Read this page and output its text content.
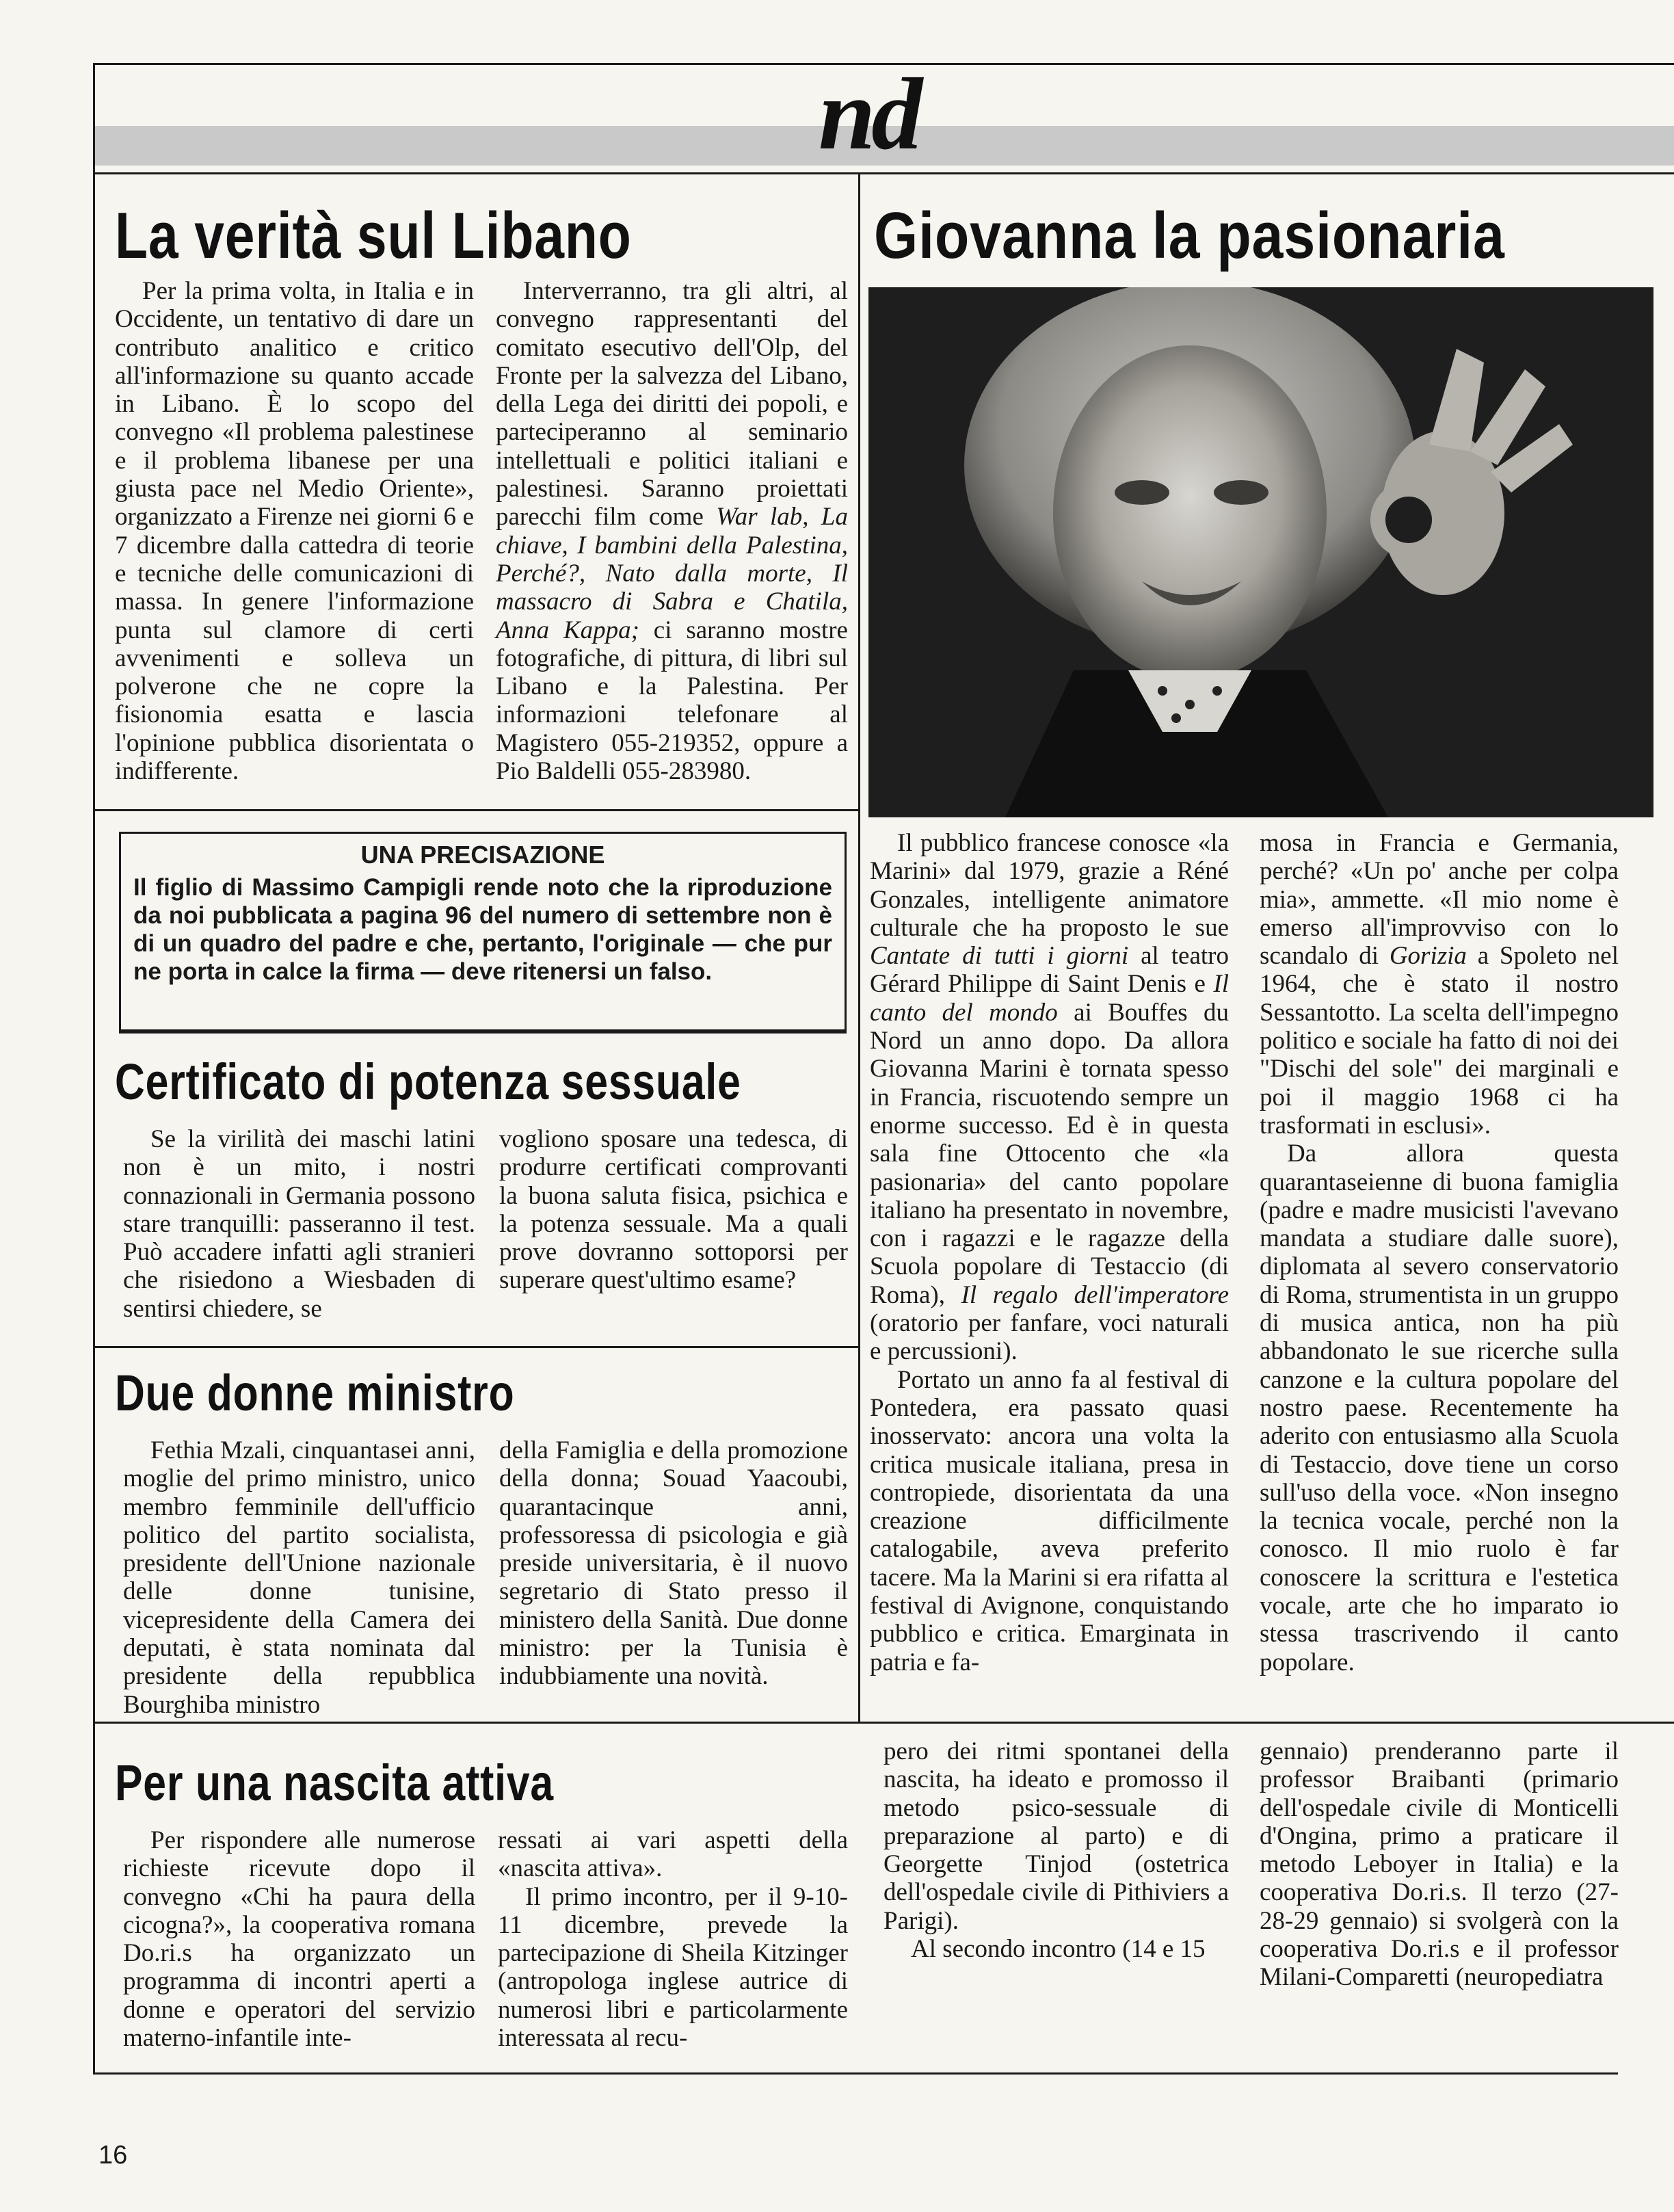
nd
La verità sul Libano

Per la prima volta, in Italia e in Occidente, un tentativo di dare un contributo analitico e critico all'informazione su quanto accade in Libano. È lo scopo del convegno «Il problema palestinese e il problema libanese per una giusta pace nel Medio Oriente», organizzato a Firenze nei giorni 6 e 7 dicembre dalla cattedra di teorie e tecniche delle comunicazioni di massa. In genere l'informazione punta sul clamore di certi avvenimenti e solleva un polverone che ne copre la fisionomia esatta e lascia l'opinione pubblica disorientata o indifferente.

Interverranno, tra gli altri, al convegno rappresentanti del comitato esecutivo dell'Olp, del Fronte per la salvezza del Libano, della Lega dei diritti dei popoli, e parteciperanno al seminario intellettuali e politici italiani e palestinesi. Saranno proiettati parecchi film come War lab, La chiave, I bambini della Palestina, Perché?, Nato dalla morte, Il massacro di Sabra e Chatila, Anna Kappa; ci saranno mostre fotografiche, di pittura, di libri sul Libano e la Palestina. Per informazioni telefonare al Magistero 055-219352, oppure a Pio Baldelli 055-283980.

UNA PRECISAZIONE

Il figlio di Massimo Campigli rende noto che la riproduzione da noi pubblicata a pagina 96 del numero di settembre non è di un quadro del padre e che, pertanto, l'originale — che pur ne porta in calce la firma — deve ritenersi un falso.

Certificato di potenza sessuale

Se la virilità dei maschi latini non è un mito, i nostri connazionali in Germania possono stare tranquilli: passeranno il test. Può accadere infatti agli stranieri che risiedono a Wiesbaden di sentirsi chiedere, se

vogliono sposare una tedesca, di produrre certificati comprovanti la buona saluta fisica, psichica e la potenza sessuale. Ma a quali prove dovranno sottoporsi per superare quest'ultimo esame?

Due donne ministro

Fethia Mzali, cinquantasei anni, moglie del primo ministro, unico membro femminile dell'ufficio politico del partito socialista, presidente dell'Unione nazionale delle donne tunisine, vicepresidente della Camera dei deputati, è stata nominata dal presidente della repubblica Bourghiba ministro

della Famiglia e della promozione della donna; Souad Yaacoubi, quarantacinque anni, professoressa di psicologia e già preside universitaria, è il nuovo segretario di Stato presso il ministero della Sanità. Due donne ministro: per la Tunisia è indubbiamente una novità.

Giovanna la pasionaria

Il pubblico francese conosce «la Marini» dal 1979, grazie a Réné Gonzales, intelligente animatore culturale che ha proposto le sue Cantate di tutti i giorni al teatro Gérard Philippe di Saint Denis e Il canto del mondo ai Bouffes du Nord un anno dopo. Da allora Giovanna Marini è tornata spesso in Francia, riscuotendo sempre un enorme successo. Ed è in questa sala fine Ottocento che «la pasionaria» del canto popolare italiano ha presentato in novembre, con i ragazzi e le ragazze della Scuola popolare di Testaccio (di Roma), Il regalo dell'imperatore (oratorio per fanfare, voci naturali e percussioni).

Portato un anno fa al festival di Pontedera, era passato quasi inosservato: ancora una volta la critica musicale italiana, presa in contropiede, disorientata da una creazione difficilmente catalogabile, aveva preferito tacere. Ma la Marini si era rifatta al festival di Avignone, conquistando pubblico e critica. Emarginata in patria e fa-

mosa in Francia e Germania, perché? «Un po' anche per colpa mia», ammette. «Il mio nome è emerso all'improvviso con lo scandalo di Gorizia a Spoleto nel 1964, che è stato il nostro Sessantotto. La scelta dell'impegno politico e sociale ha fatto di noi dei "Dischi del sole" dei marginali e poi il maggio 1968 ci ha trasformati in esclusi».

Da allora questa quarantaseienne di buona famiglia (padre e madre musicisti l'avevano mandata a studiare dalle suore), diplomata al severo conservatorio di Roma, strumentista in un gruppo di musica antica, non ha più abbandonato le sue ricerche sulla canzone e la cultura popolare del nostro paese. Recentemente ha aderito con entusiasmo alla Scuola di Testaccio, dove tiene un corso sull'uso della voce. «Non insegno la tecnica vocale, perché non la conosco. Il mio ruolo è far conoscere la scrittura e l'estetica vocale, arte che ho imparato io stessa trascrivendo il canto popolare.

Per una nascita attiva

Per rispondere alle numerose richieste ricevute dopo il convegno «Chi ha paura della cicogna?», la cooperativa romana Do.ri.s ha organizzato un programma di incontri aperti a donne e operatori del servizio materno-infantile inte-

ressati ai vari aspetti della «nascita attiva».

Il primo incontro, per il 9-10-11 dicembre, prevede la partecipazione di Sheila Kitzinger (antropologa inglese autrice di numerosi libri e particolarmente interessata al recu-

pero dei ritmi spontanei della nascita, ha ideato e promosso il metodo psico-sessuale di preparazione al parto) e di Georgette Tinjod (ostetrica dell'ospedale civile di Pithiviers a Parigi).

Al secondo incontro (14 e 15

gennaio) prenderanno parte il professor Braibanti (primario dell'ospedale civile di Monticelli d'Ongina, primo a praticare il metodo Leboyer in Italia) e la cooperativa Do.ri.s. Il terzo (27-28-29 gennaio) si svolgerà con la cooperativa Do.ri.s e il professor Milani-Comparetti (neuropediatra

16
